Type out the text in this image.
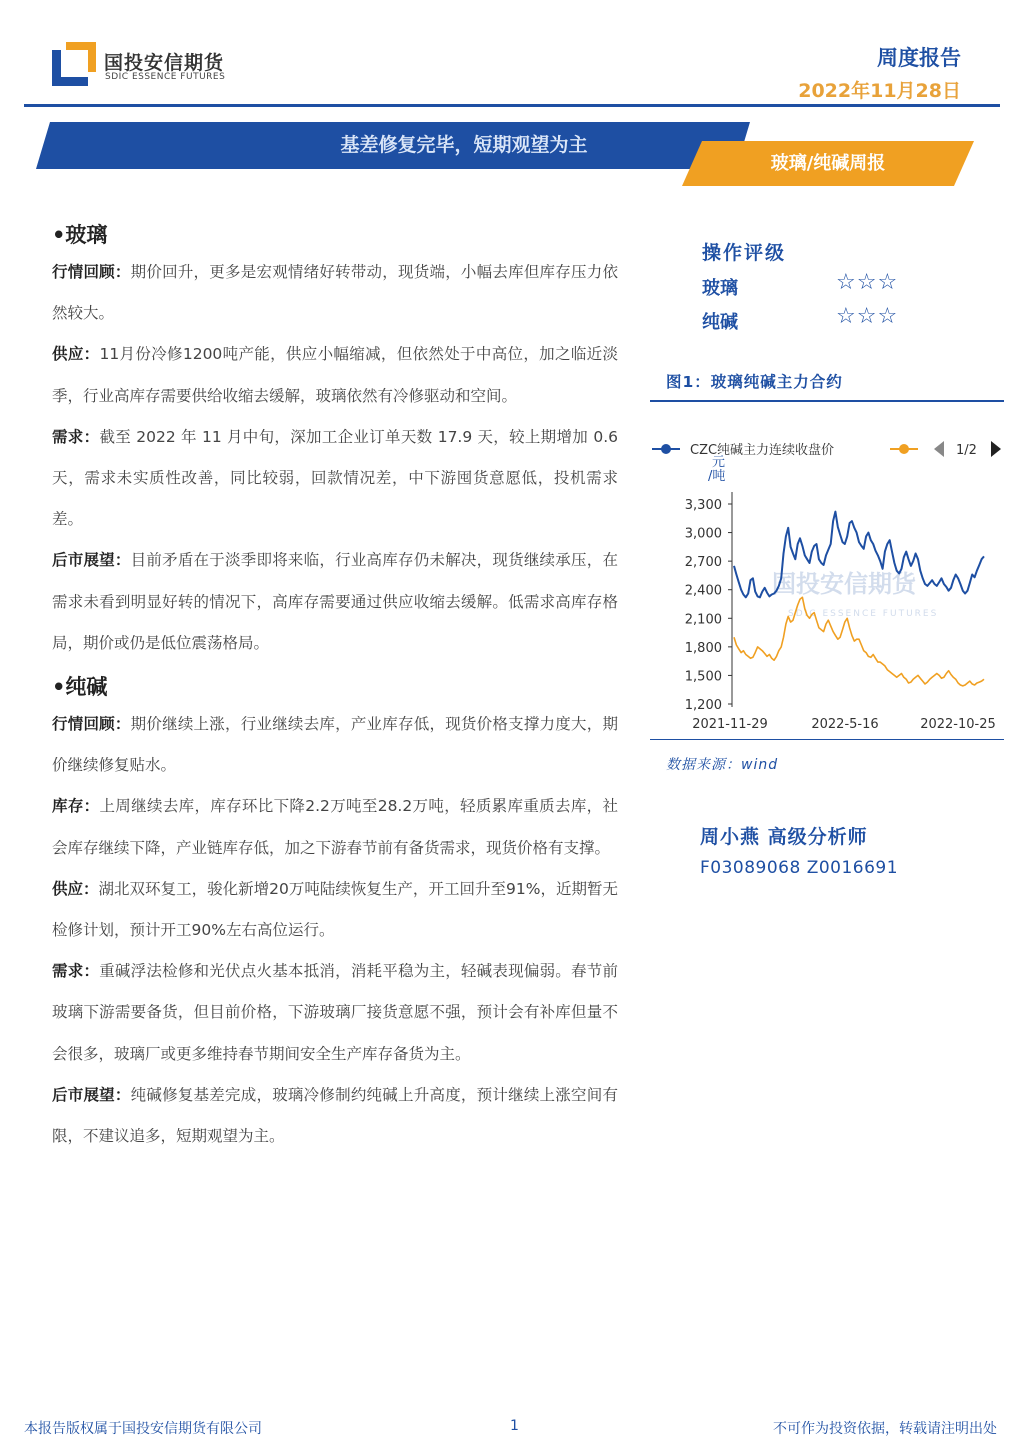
国投安信期货
SDIC ESSENCE FUTURES
周度报告
2022年11月28日
基差修复完毕，短期观望为主
玻璃/纯碱周报
•玻璃

行情回顾：期价回升，更多是宏观情绪好转带动，现货端，小幅去库但库存压力依然较大。

供应：11月份冷修1200吨产能，供应小幅缩减，但依然处于中高位，加之临近淡季，行业高库存需要供给收缩去缓解，玻璃依然有冷修驱动和空间。

需求：截至 2022 年 11 月中旬，深加工企业订单天数 17.9 天，较上期增加 0.6天，需求未实质性改善，同比较弱，回款情况差，中下游囤货意愿低，投机需求差。

后市展望：目前矛盾在于淡季即将来临，行业高库存仍未解决，现货继续承压，在需求未看到明显好转的情况下，高库存需要通过供应收缩去缓解。低需求高库存格局，期价或仍是低位震荡格局。

•纯碱

行情回顾：期价继续上涨，行业继续去库，产业库存低，现货价格支撑力度大，期价继续修复贴水。

库存：上周继续去库，库存环比下降2.2万吨至28.2万吨，轻质累库重质去库，社会库存继续下降，产业链库存低，加之下游春节前有备货需求，现货价格有支撑。

供应：湖北双环复工，骏化新增20万吨陆续恢复生产，开工回升至91%，近期暂无检修计划，预计开工90%左右高位运行。

需求：重碱浮法检修和光伏点火基本抵消，消耗平稳为主，轻碱表现偏弱。春节前玻璃下游需要备货，但目前价格，下游玻璃厂接货意愿不强，预计会有补库但量不会很多，玻璃厂或更多维持春节期间安全生产库存备货为主。

后市展望：纯碱修复基差完成，玻璃冷修制约纯碱上升高度，预计继续上涨空间有限，不建议追多，短期观望为主。

操作评级
玻璃	☆☆☆
纯碱	☆☆☆
图1：玻璃纯碱主力合约
CZC纯碱主力连续收盘价	1/2
元
/吨
国投安信期货
SDIC ESSENCE FUTURES
1,200
1,500
1,800
2,100
2,400
2,700
3,000
3,300
2021-11-29	2022-5-16	2022-10-25
数据来源：wind
周小燕 高级分析师
F03089068 Z0016691
本报告版权属于国投安信期货有限公司	1	不可作为投资依据，转载请注明出处
